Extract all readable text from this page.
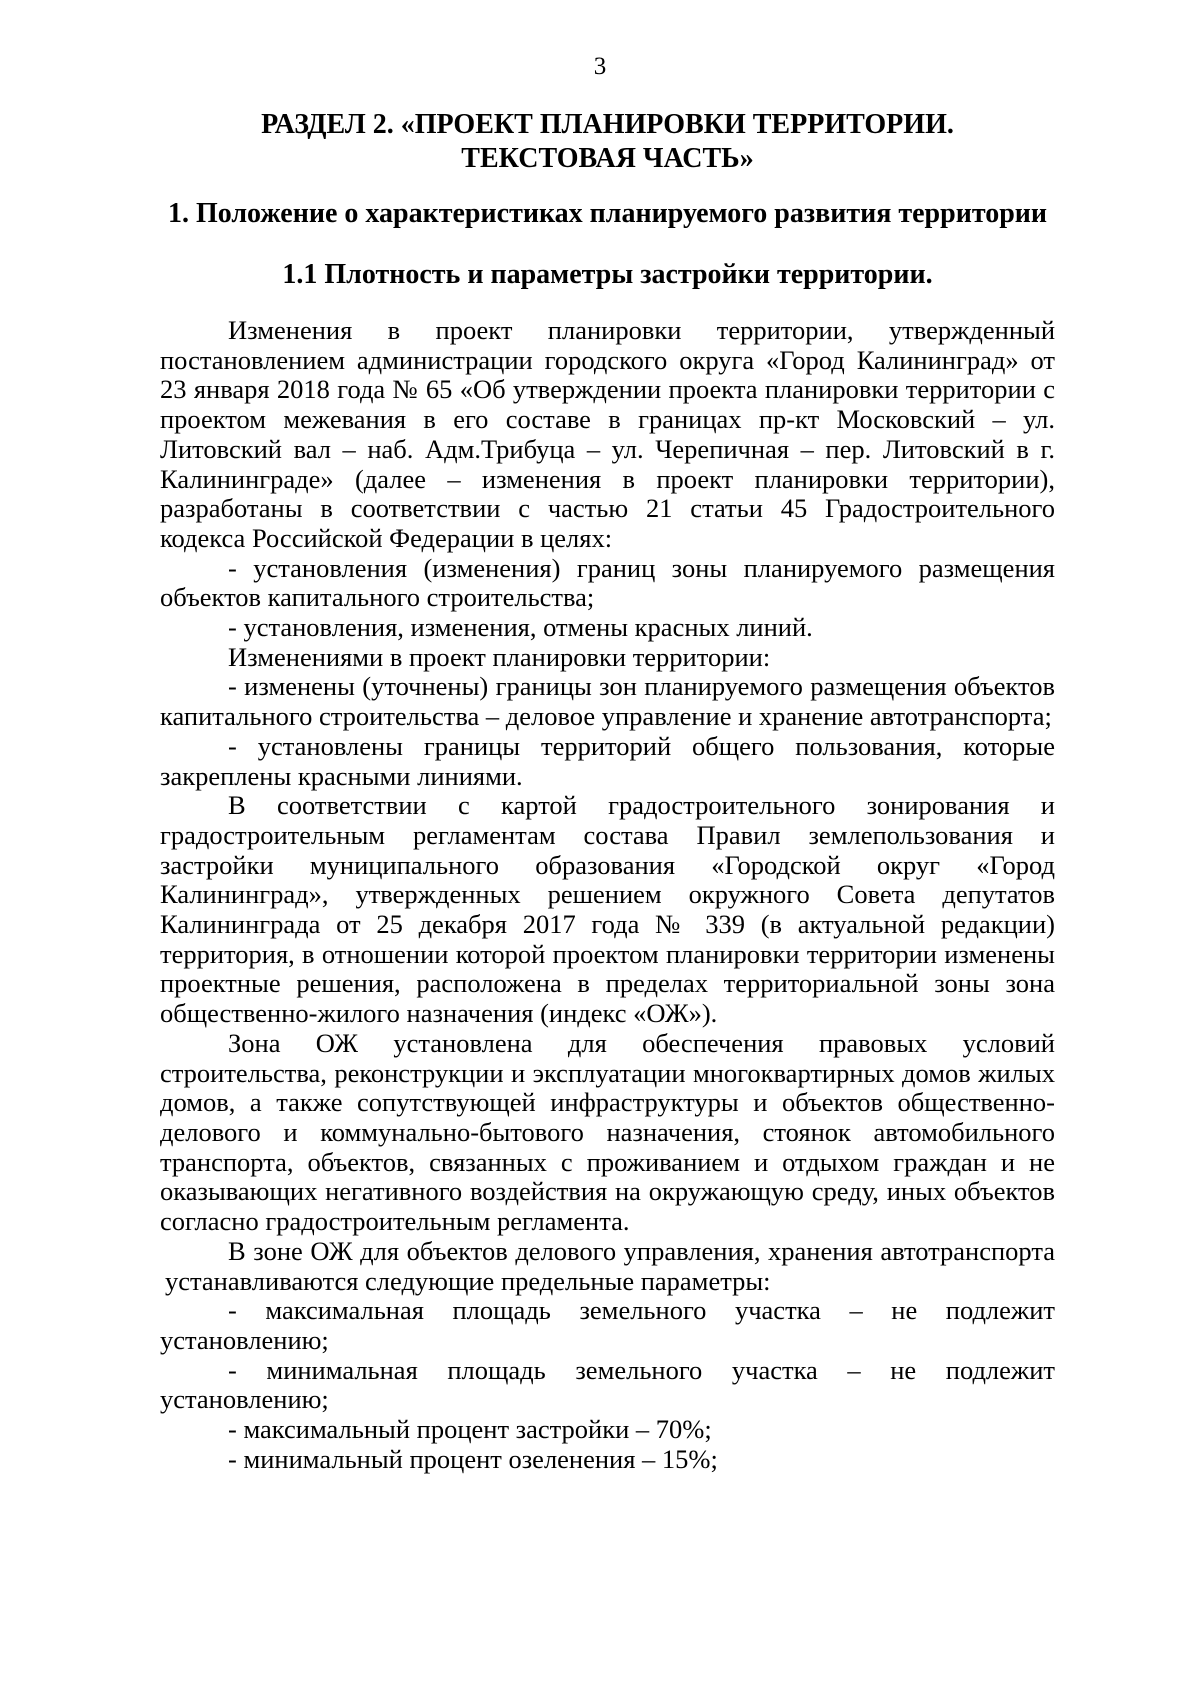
3
РАЗДЕЛ 2. «ПРОЕКТ ПЛАНИРОВКИ ТЕРРИТОРИИ.
ТЕКСТОВАЯ ЧАСТЬ»
1. Положение о характеристиках планируемого развития территории
1.1 Плотность и параметры застройки территории.

Изменения в проект планировки территории, утвержденный постановлением администрации городского округа «Город Калининград» от 23 января 2018 года № 65 «Об утверждении проекта планировки территории с проектом межевания в его составе в границах пр-кт Московский – ул. Литовский вал – наб. Адм.Трибуца – ул. Черепичная – пер. Литовский в г. Калининграде» (далее – изменения в проект планировки территории), разработаны в соответствии с частью 21 статьи 45 Градостроительного кодекса Российской Федерации в целях:

- установления (изменения) границ зоны планируемого размещения объектов капитального строительства;

- установления, изменения, отмены красных линий.

Изменениями в проект планировки территории:

- изменены (уточнены) границы зон планируемого размещения объектов капитального строительства – деловое управление и хранение автотранспорта;

- установлены границы территорий общего пользования, которые закреплены красными линиями.

В соответствии с картой градостроительного зонирования и градостроительным регламентам состава Правил землепользования и застройки муниципального образования «Городской округ «Город Калининград», утвержденных решением окружного Совета депутатов Калининграда от 25 декабря 2017 года № 339 (в актуальной редакции) территория, в отношении которой проектом планировки территории изменены проектные решения, расположена в пределах территориальной зоны зона общественно-жилого назначения (индекс «ОЖ»).

Зона ОЖ установлена для обеспечения правовых условий строительства, реконструкции и эксплуатации многоквартирных домов жилых домов, а также сопутствующей инфраструктуры и объектов общественно-делового и коммунально-бытового назначения, стоянок автомобильного транспорта, объектов, связанных с проживанием и отдыхом граждан и не оказывающих негативного воздействия на окружающую среду, иных объектов согласно градостроительным регламента.

В зоне ОЖ для объектов делового управления, хранения автотранспорта

устанавливаются следующие предельные параметры:

- максимальная площадь земельного участка – не подлежит установлению;

- минимальная площадь земельного участка – не подлежит установлению;

- максимальный процент застройки – 70%;

- минимальный процент озеленения – 15%;
